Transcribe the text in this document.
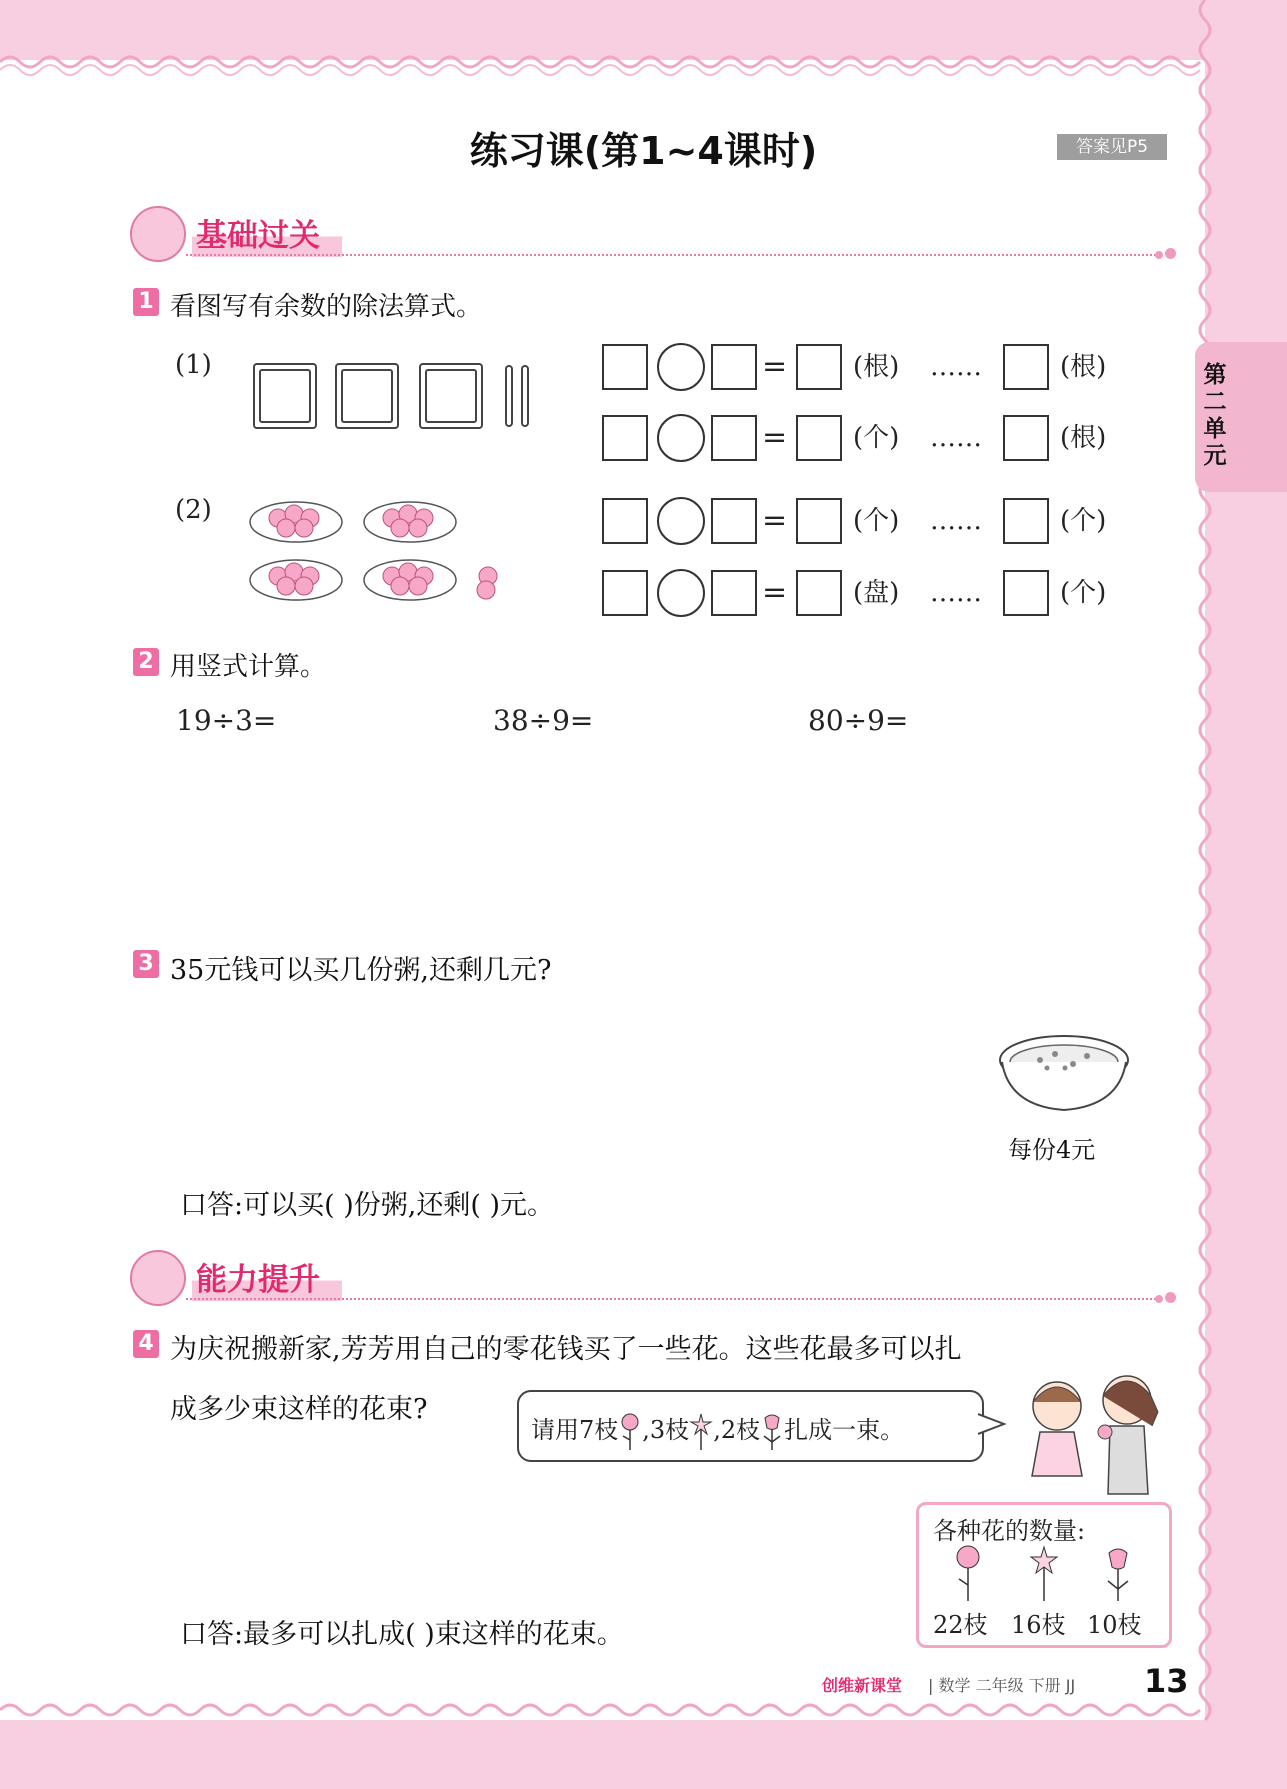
练习课(第1~4课时)	答案见P5
第二单元
基础过关
1 看图写有余数的除法算式。
(1)
(2)
=	(根) ……	(根)
=	(个) ……	(根)
=	(个) ……	(个)
=	(盘) ……	(个)
2 用竖式计算。
19÷3=	38÷9=	80÷9=
3 35元钱可以买几份粥,还剩几元?
每份4元
口答:可以买( )份粥,还剩( )元。
能力提升
4 为庆祝搬新家,芳芳用自己的零花钱买了一些花。这些花最多可以扎
成多少束这样的花束?
请用7枝 ,3枝 ,2枝 扎成一束。
各种花的数量:
22枝 16枝 10枝
口答:最多可以扎成( )束这样的花束。
创维新课堂 | 数学 二年级 下册 JJ 13
